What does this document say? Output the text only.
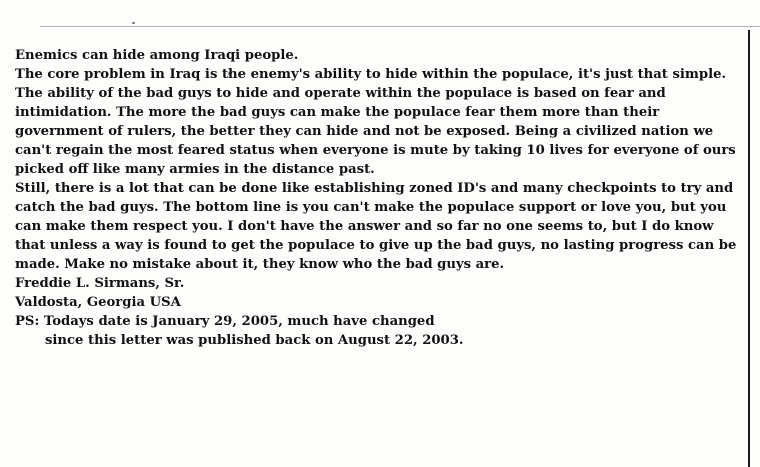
Enemics can hide among Iraqi people.

The core problem in Iraq is the enemy's ability to hide within the populace, it's just that simple. The ability of the bad guys to hide and operate within the populace is based on fear and intimidation. The more the bad guys can make the populace fear them more than their government of rulers, the better they can hide and not be exposed. Being a civilized nation we can't regain the most feared status when everyone is mute by taking 10 lives for everyone of ours picked off like many armies in the distance past.

Still, there is a lot that can be done like establishing zoned ID's and many checkpoints to try and catch the bad guys. The bottom line is you can't make the populace support or love you, but you can make them respect you. I don't have the answer and so far no one seems to, but I do know that unless a way is found to get the populace to give up the bad guys, no lasting progress can be made. Make no mistake about it, they know who the bad guys are.

Freddie L. Sirmans, Sr.
Valdosta, Georgia USA

PS: Todays date is January 29, 2005, much have changed
since this letter was published back on August 22, 2003.
